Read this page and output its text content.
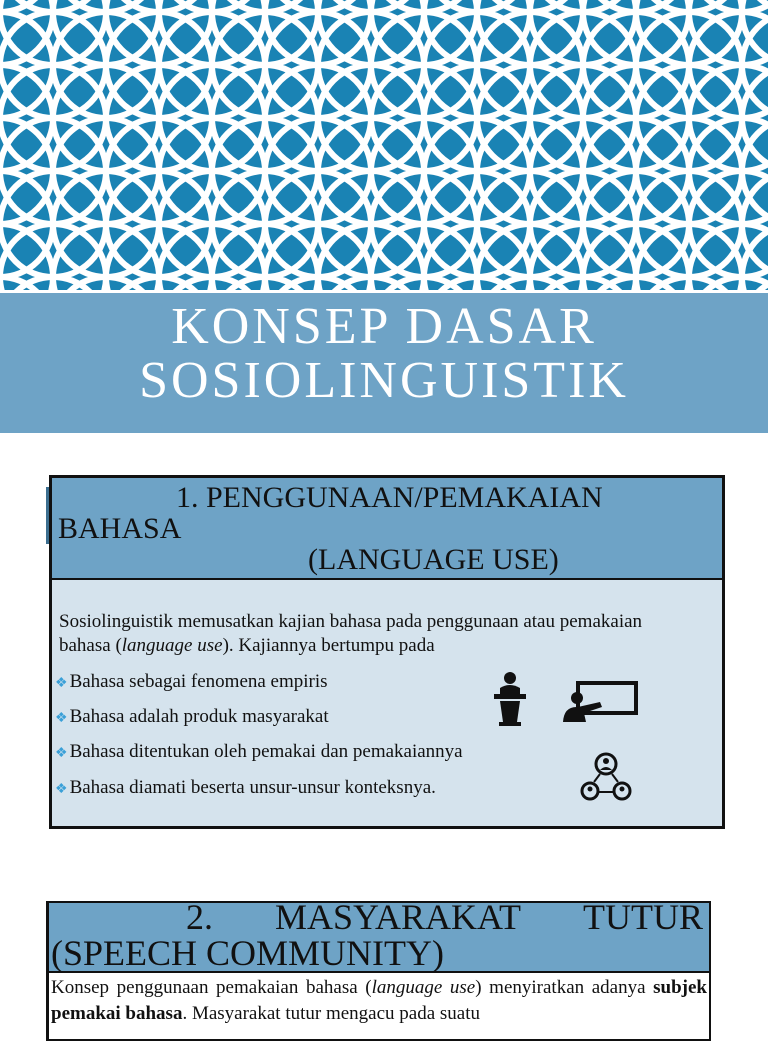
KONSEP DASAR
SOSIOLINGUISTIK
1. PENGGUNAAN/PEMAKAIAN
BAHASA
(LANGUAGE USE)
Sosiolinguistik memusatkan kajian bahasa pada penggunaan atau pemakaian bahasa (language use). Kajiannya bertumpu pada
❖ Bahasa sebagai fenomena empiris
❖ Bahasa adalah produk masyarakat
❖ Bahasa ditentukan oleh pemakai dan pemakaiannya
❖ Bahasa diamati beserta unsur-unsur konteksnya.
2. MASYARAKAT TUTUR
(SPEECH COMMUNITY)
Konsep penggunaan pemakaian bahasa (language use) menyiratkan adanya subjek pemakai bahasa. Masyarakat tutur mengacu pada suatu
